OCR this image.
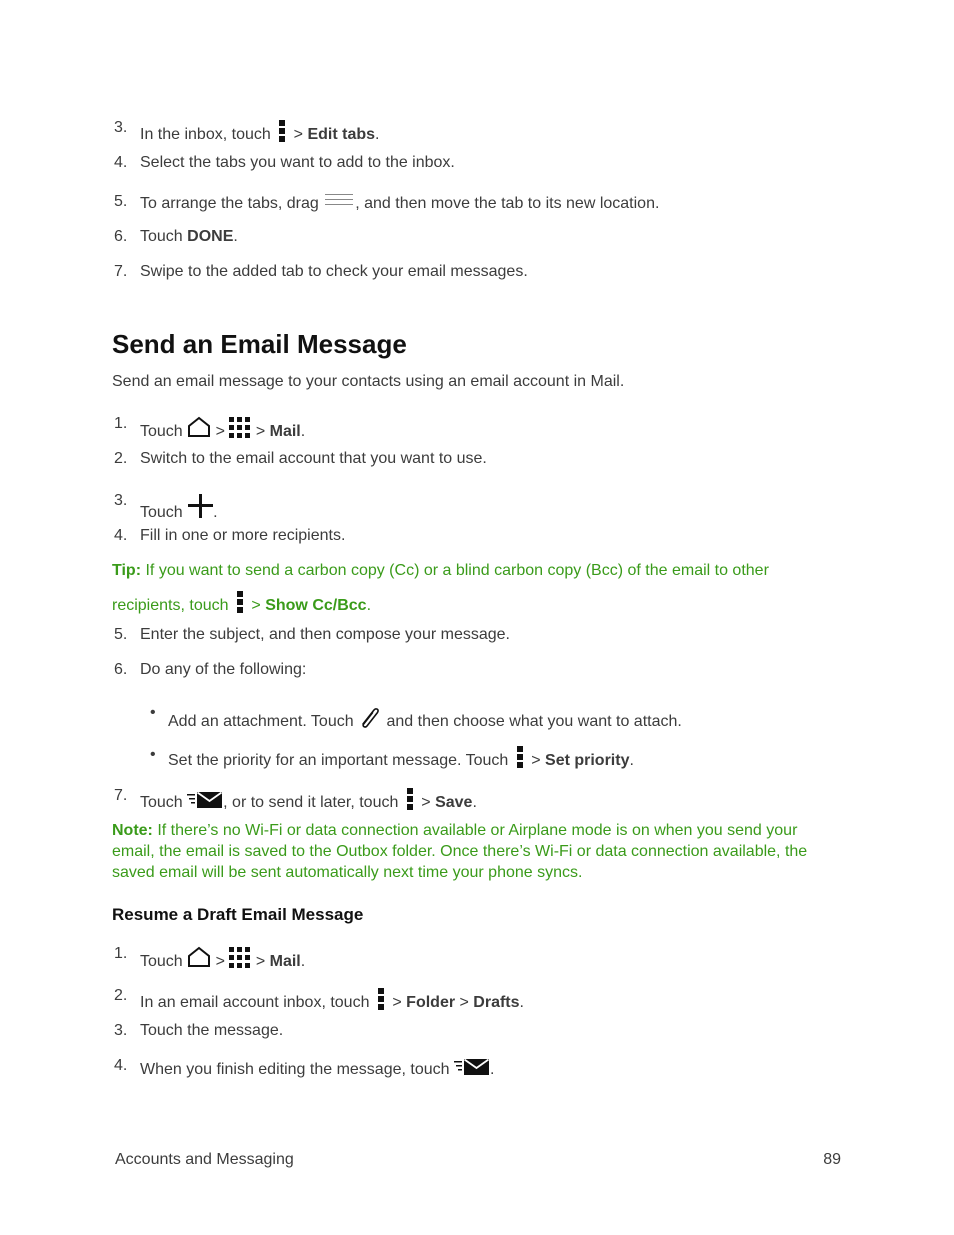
3. In the inbox, touch
> Edit tabs.
4. Select the tabs you want to add to the inbox.
5. To arrange the tabs, drag , and then move the tab to its new location.
6. Touch DONE.
7. Swipe to the added tab to check your email messages.
Send an Email Message
Send an email message to your contacts using an email account in Mail.
1. Touch  >  > Mail.
2. Switch to the email account that you want to use.
3.
Touch .
4. Fill in one or more recipients.
Tip: If you want to send a carbon copy (Cc) or a blind carbon copy (Bcc) of the email to other
recipients, touch
> Show Cc/Bcc.
5. Enter the subject, and then compose your message.
6. Do any of the following:
•
Add an attachment. Touch  and then choose what you want to attach.
• Set the priority for an important message. Touch
> Set priority.
7. Touch	, or to send it later, touch
> Save.
Note: If there’s no Wi-Fi or data connection available or Airplane mode is on when you send your
email, the email is saved to the Outbox folder. Once there’s Wi-Fi or data connection available, the
saved email will be sent automatically next time your phone syncs.
Resume a Draft Email Message
1. Touch  >  > Mail.
2. In an email account inbox, touch
> Folder > Drafts.
3. Touch the message.
4. When you finish editing the message, touch	.
Accounts and Messaging	89
